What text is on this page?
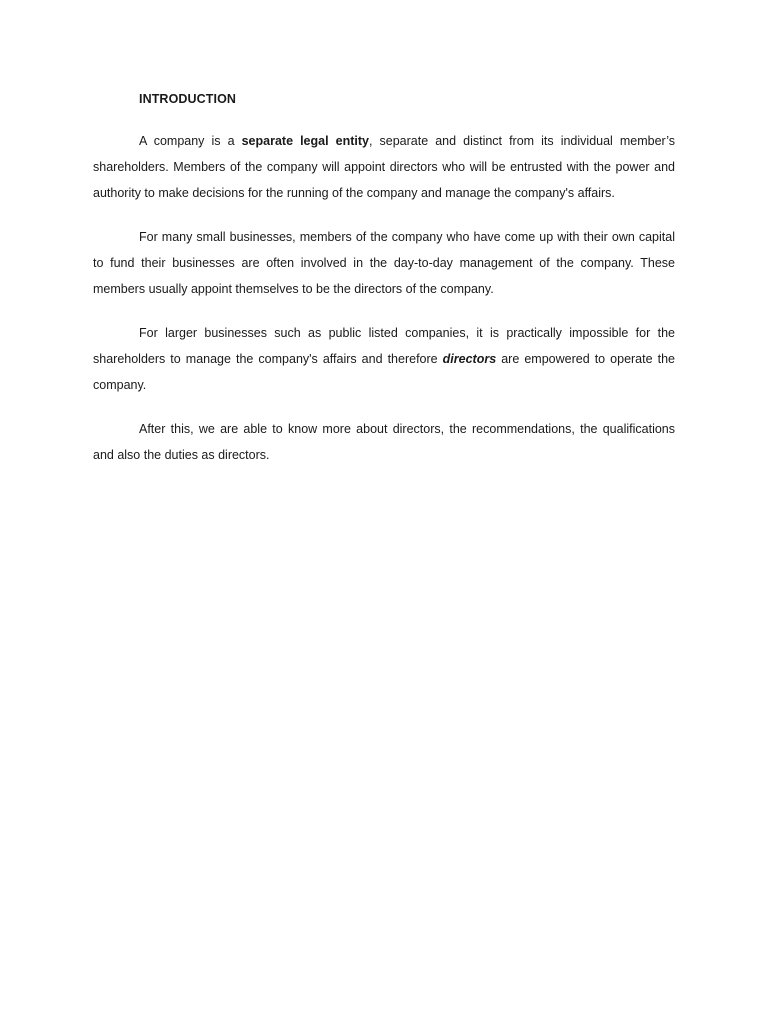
INTRODUCTION

A company is a separate legal entity, separate and distinct from its individual member’s shareholders. Members of the company will appoint directors who will be entrusted with the power and authority to make decisions for the running of the company and manage the company's affairs.

For many small businesses, members of the company who have come up with their own capital to fund their businesses are often involved in the day-to-day management of the company. These members usually appoint themselves to be the directors of the company.

For larger businesses such as public listed companies, it is practically impossible for the shareholders to manage the company's affairs and therefore directors are empowered to operate the company.

After this, we are able to know more about directors, the recommendations, the qualifications and also the duties as directors.
